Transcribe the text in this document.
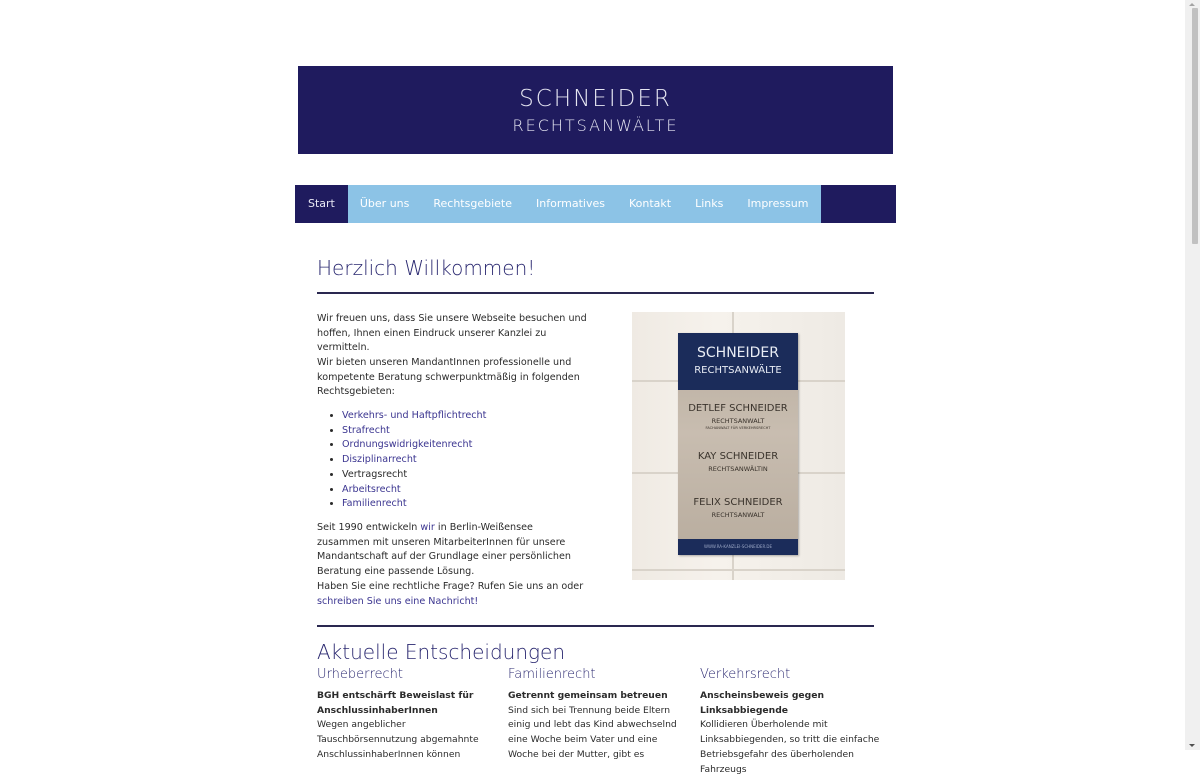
SCHNEIDER
RECHTSANWÄLTE
Start	Über uns	Rechtsgebiete	Informatives	Kontakt	Links	Impressum
Herzlich Willkommen!

Wir freuen uns, dass Sie unsere Webseite besuchen und hoffen, Ihnen einen Eindruck unserer Kanzlei zu vermitteln.

Wir bieten unseren MandantInnen professionelle und kompetente Beratung schwerpunktmäßig in folgenden Rechtsgebieten:

• Verkehrs- und Haftpflichtrecht
• Strafrecht
• Ordnungswidrigkeitenrecht
• Disziplinarrecht
• Vertragsrecht
• Arbeitsrecht
• Familienrecht

Seit 1990 entwickeln wir in Berlin-Weißensee zusammen mit unseren MitarbeiterInnen für unsere Mandantschaft auf der Grundlage einer persönlichen Beratung eine passende Lösung.

Haben Sie eine rechtliche Frage? Rufen Sie uns an oder schreiben Sie uns eine Nachricht!

SCHNEIDER
RECHTSANWÄLTE
DETLEF SCHNEIDER
RECHTSANWALT
FACHANWALT FÜR VERKEHRSRECHT
KAY SCHNEIDER
RECHTSANWÄLTIN
FELIX SCHNEIDER
RECHTSANWALT
WWW.RA-KANZLEI-SCHNEIDER.DE
Aktuelle Entscheidungen
Urheberrecht
BGH entschärft Beweislast für AnschlussinhaberInnen
Wegen angeblicher Tauschbörsennutzung abgemahnte AnschlussinhaberInnen können
Familienrecht
Getrennt gemeinsam betreuen
Sind sich bei Trennung beide Eltern einig und lebt das Kind abwechselnd eine Woche beim Vater und eine Woche bei der Mutter, gibt es
Verkehrsrecht
Anscheinsbeweis gegen Linksabbiegende
Kollidieren Überholende mit Linksabbiegenden, so tritt die einfache Betriebsgefahr des überholenden Fahrzeugs
